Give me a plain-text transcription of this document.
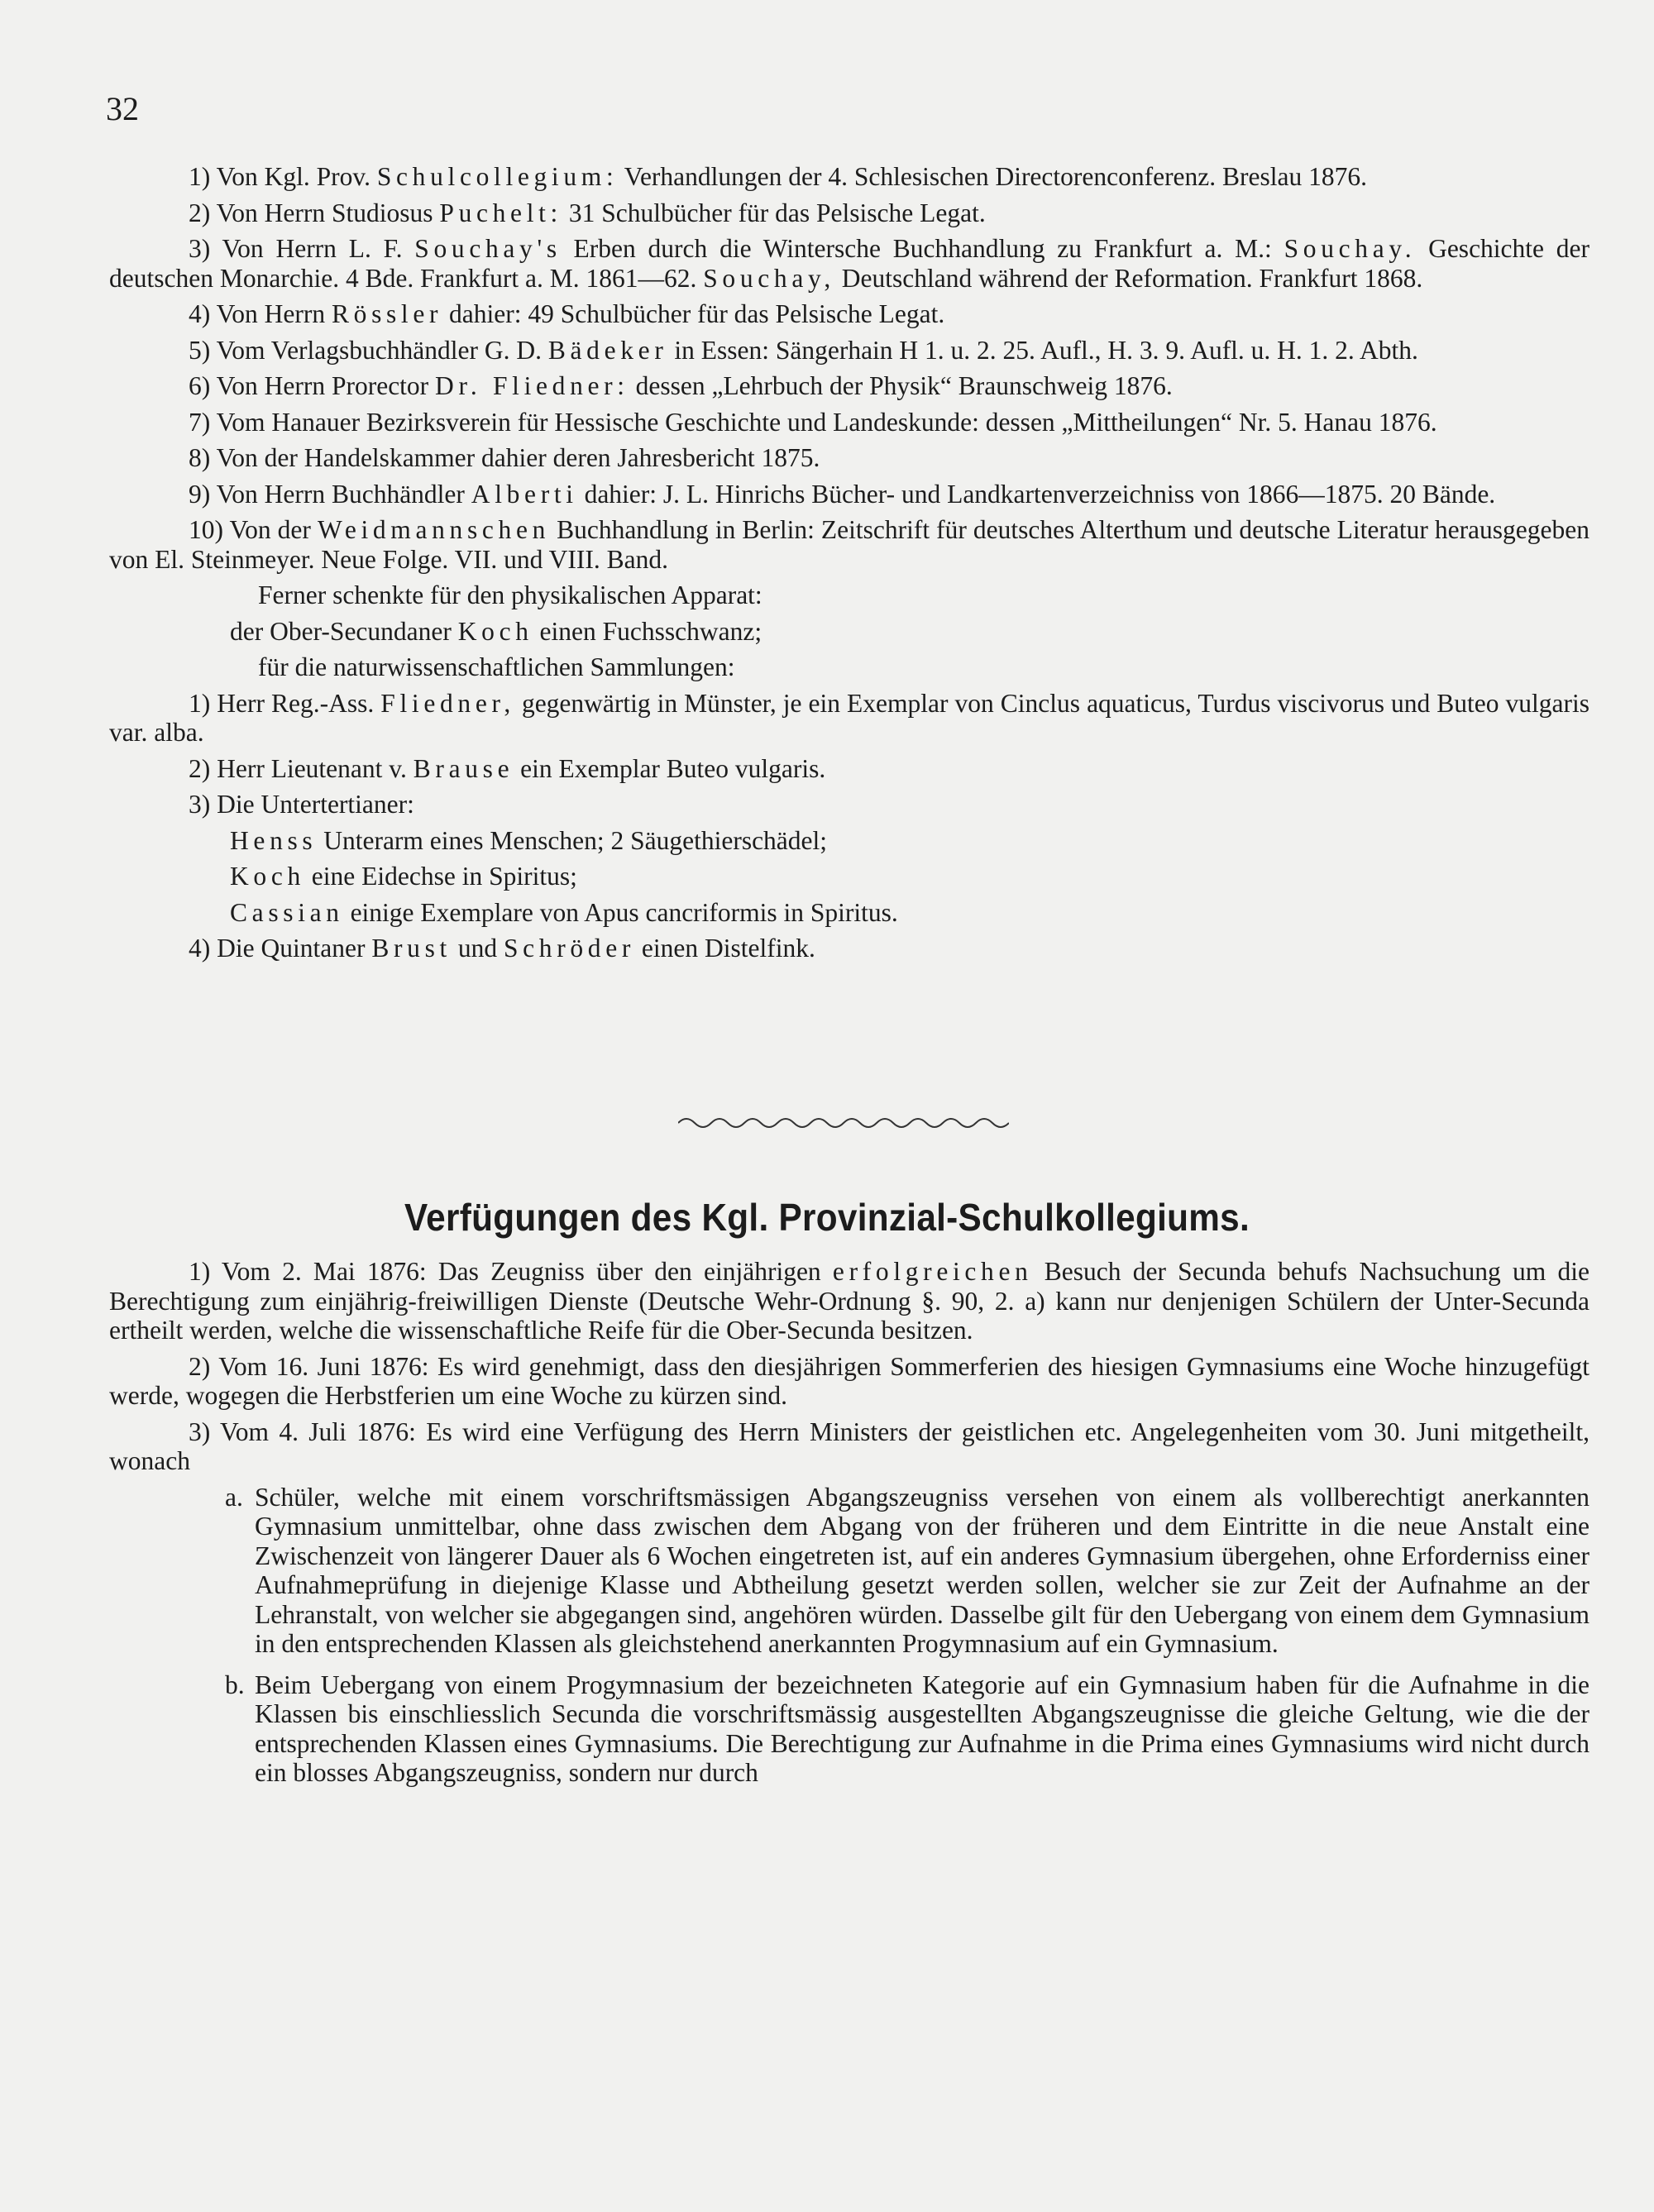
32

1) Von Kgl. Prov. Schulcollegium: Verhandlungen der 4. Schlesischen Directorenconferenz. Breslau 1876.

2) Von Herrn Studiosus Puchelt: 31 Schulbücher für das Pelsische Legat.

3) Von Herrn L. F. Souchay's Erben durch die Wintersche Buchhandlung zu Frankfurt a. M.: Souchay. Geschichte der deutschen Monarchie. 4 Bde. Frankfurt a. M. 1861—62. Souchay, Deutschland während der Reformation. Frankfurt 1868.

4) Von Herrn Rössler dahier: 49 Schulbücher für das Pelsische Legat.

5) Vom Verlagsbuchhändler G. D. Bädeker in Essen: Sängerhain H 1. u. 2. 25. Aufl., H. 3. 9. Aufl. u. H. 1. 2. Abth.

6) Von Herrn Prorector Dr. Fliedner: dessen „Lehrbuch der Physik“ Braunschweig 1876.

7) Vom Hanauer Bezirksverein für Hessische Geschichte und Landeskunde: dessen „Mittheilungen“ Nr. 5. Hanau 1876.

8) Von der Handelskammer dahier deren Jahresbericht 1875.

9) Von Herrn Buchhändler Alberti dahier: J. L. Hinrichs Bücher- und Landkartenverzeichniss von 1866—1875. 20 Bände.

10) Von der Weidmannschen Buchhandlung in Berlin: Zeitschrift für deutsches Alterthum und deutsche Literatur herausgegeben von El. Steinmeyer. Neue Folge. VII. und VIII. Band.

Ferner schenkte für den physikalischen Apparat:

der Ober-Secundaner Koch einen Fuchsschwanz;

für die naturwissenschaftlichen Sammlungen:

1) Herr Reg.-Ass. Fliedner, gegenwärtig in Münster, je ein Exemplar von Cinclus aquaticus, Turdus viscivorus und Buteo vulgaris var. alba.

2) Herr Lieutenant v. Brause ein Exemplar Buteo vulgaris.

3) Die Untertertianer:

Henss Unterarm eines Menschen; 2 Säugethierschädel;

Koch eine Eidechse in Spiritus;

Cassian einige Exemplare von Apus cancriformis in Spiritus.

4) Die Quintaner Brust und Schröder einen Distelfink.

Verfügungen des Kgl. Provinzial-Schulkollegiums.

1) Vom 2. Mai 1876: Das Zeugniss über den einjährigen erfolgreichen Besuch der Secunda behufs Nachsuchung um die Berechtigung zum einjährig-freiwilligen Dienste (Deutsche Wehr-Ordnung §. 90, 2. a) kann nur denjenigen Schülern der Unter-Secunda ertheilt werden, welche die wissenschaftliche Reife für die Ober-Secunda besitzen.

2) Vom 16. Juni 1876: Es wird genehmigt, dass den diesjährigen Sommerferien des hiesigen Gymnasiums eine Woche hinzugefügt werde, wogegen die Herbstferien um eine Woche zu kürzen sind.

3) Vom 4. Juli 1876: Es wird eine Verfügung des Herrn Ministers der geistlichen etc. Angelegenheiten vom 30. Juni mitgetheilt, wonach

a. Schüler, welche mit einem vorschriftsmässigen Abgangszeugniss versehen von einem als vollberechtigt anerkannten Gymnasium unmittelbar, ohne dass zwischen dem Abgang von der früheren und dem Eintritte in die neue Anstalt eine Zwischenzeit von längerer Dauer als 6 Wochen eingetreten ist, auf ein anderes Gymnasium übergehen, ohne Erforderniss einer Aufnahmeprüfung in diejenige Klasse und Abtheilung gesetzt werden sollen, welcher sie zur Zeit der Aufnahme an der Lehranstalt, von welcher sie abgegangen sind, angehören würden. Dasselbe gilt für den Uebergang von einem dem Gymnasium in den entsprechenden Klassen als gleichstehend anerkannten Progymnasium auf ein Gymnasium.
b. Beim Uebergang von einem Progymnasium der bezeichneten Kategorie auf ein Gymnasium haben für die Aufnahme in die Klassen bis einschliesslich Secunda die vorschriftsmässig ausgestellten Abgangszeugnisse die gleiche Geltung, wie die der entsprechenden Klassen eines Gymnasiums. Die Berechtigung zur Aufnahme in die Prima eines Gymnasiums wird nicht durch ein blosses Abgangszeugniss, sondern nur durch
